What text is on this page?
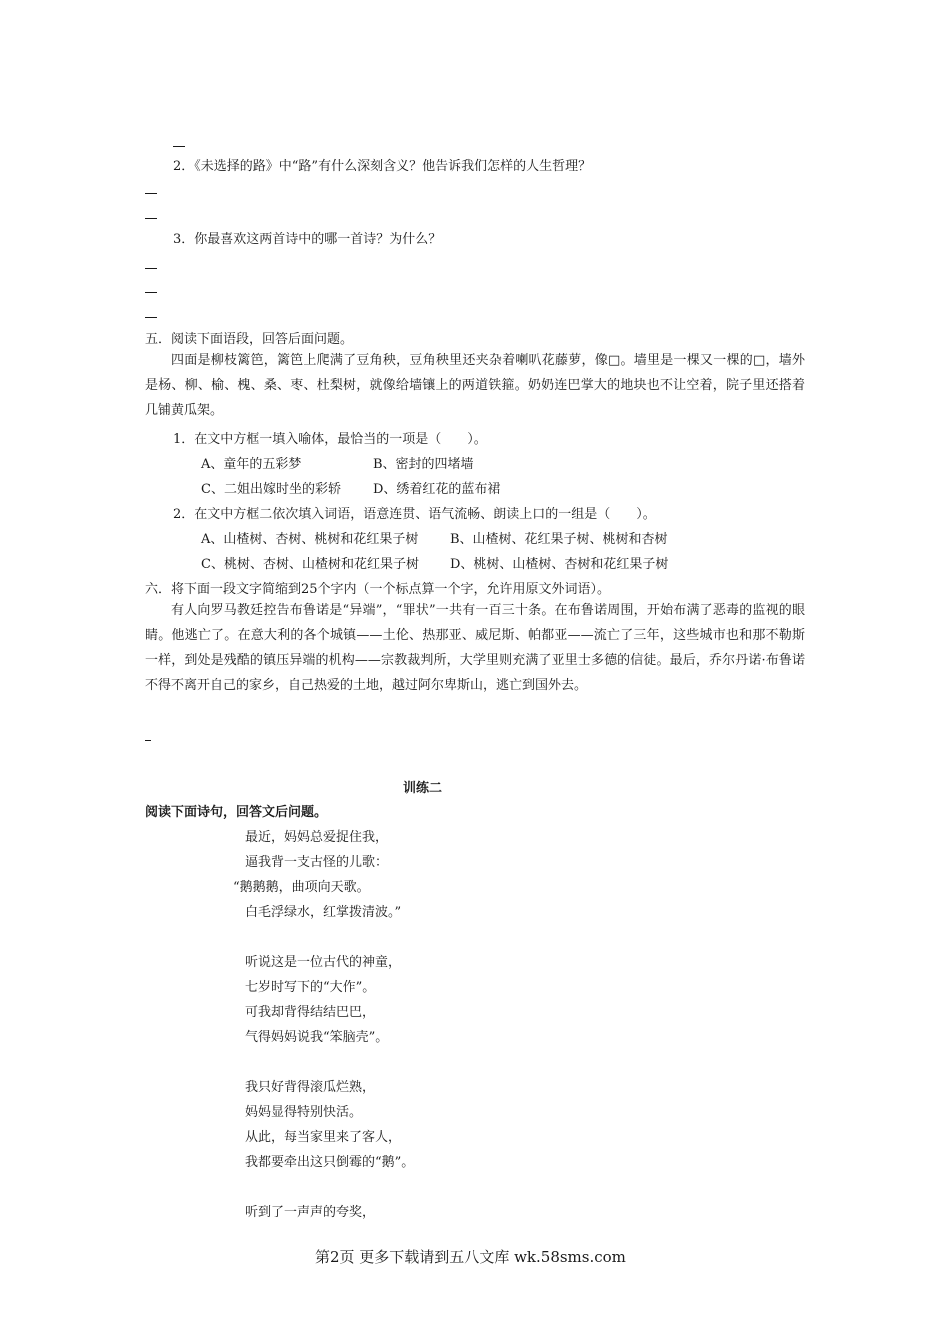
2．《未选择的路》中“路”有什么深刻含义？他告诉我们怎样的人生哲理？
3．你最喜欢这两首诗中的哪一首诗？为什么？
五．阅读下面语段，回答后面问题。
四面是柳枝篱笆，篱笆上爬满了豆角秧，豆角秧里还夹杂着喇叭花藤萝，像□。墙里是一棵又一棵的□，墙外是杨、柳、榆、槐、桑、枣、杜梨树，就像给墙镶上的两道铁箍。奶奶连巴掌大的地块也不让空着，院子里还搭着几铺黄瓜架。
1．在文中方框一填入喻体，最恰当的一项是（　　）。
A、童年的五彩梦	B、密封的四堵墙
C、二姐出嫁时坐的彩轿 D、绣着红花的蓝布裙
2．在文中方框二依次填入词语，语意连贯、语气流畅、朗读上口的一组是（　　）。
A、山楂树、杏树、桃树和花红果子树 B、山楂树、花红果子树、桃树和杏树
C、桃树、杏树、山楂树和花红果子树 D、桃树、山楂树、杏树和花红果子树
六．将下面一段文字简缩到25个字内（一个标点算一个字，允许用原文外词语）。
有人向罗马教廷控告布鲁诺是“异端”，“罪状”一共有一百三十条。在布鲁诺周围，开始布满了恶毒的监视的眼睛。他逃亡了。在意大利的各个城镇——土伦、热那亚、威尼斯、帕都亚——流亡了三年，这些城市也和那不勒斯一样，到处是残酷的镇压异端的机构——宗教裁判所，大学里则充满了亚里士多德的信徒。最后，乔尔丹诺·布鲁诺不得不离开自己的家乡，自己热爱的土地，越过阿尔卑斯山，逃亡到国外去。
训练二
阅读下面诗句，回答文后问题。
最近，妈妈总爱捉住我，
逼我背一支古怪的儿歌：
“鹅鹅鹅，曲项向天歌。
白毛浮绿水，红掌拨清波。”
听说这是一位古代的神童，
七岁时写下的“大作”。
可我却背得结结巴巴，
气得妈妈说我“笨脑壳”。
我只好背得滚瓜烂熟，
妈妈显得特别快活。
从此，每当家里来了客人，
我都要牵出这只倒霉的“鹅”。
听到了一声声的夸奖，
第2页 更多下载请到五八文库 wk.58sms.com
